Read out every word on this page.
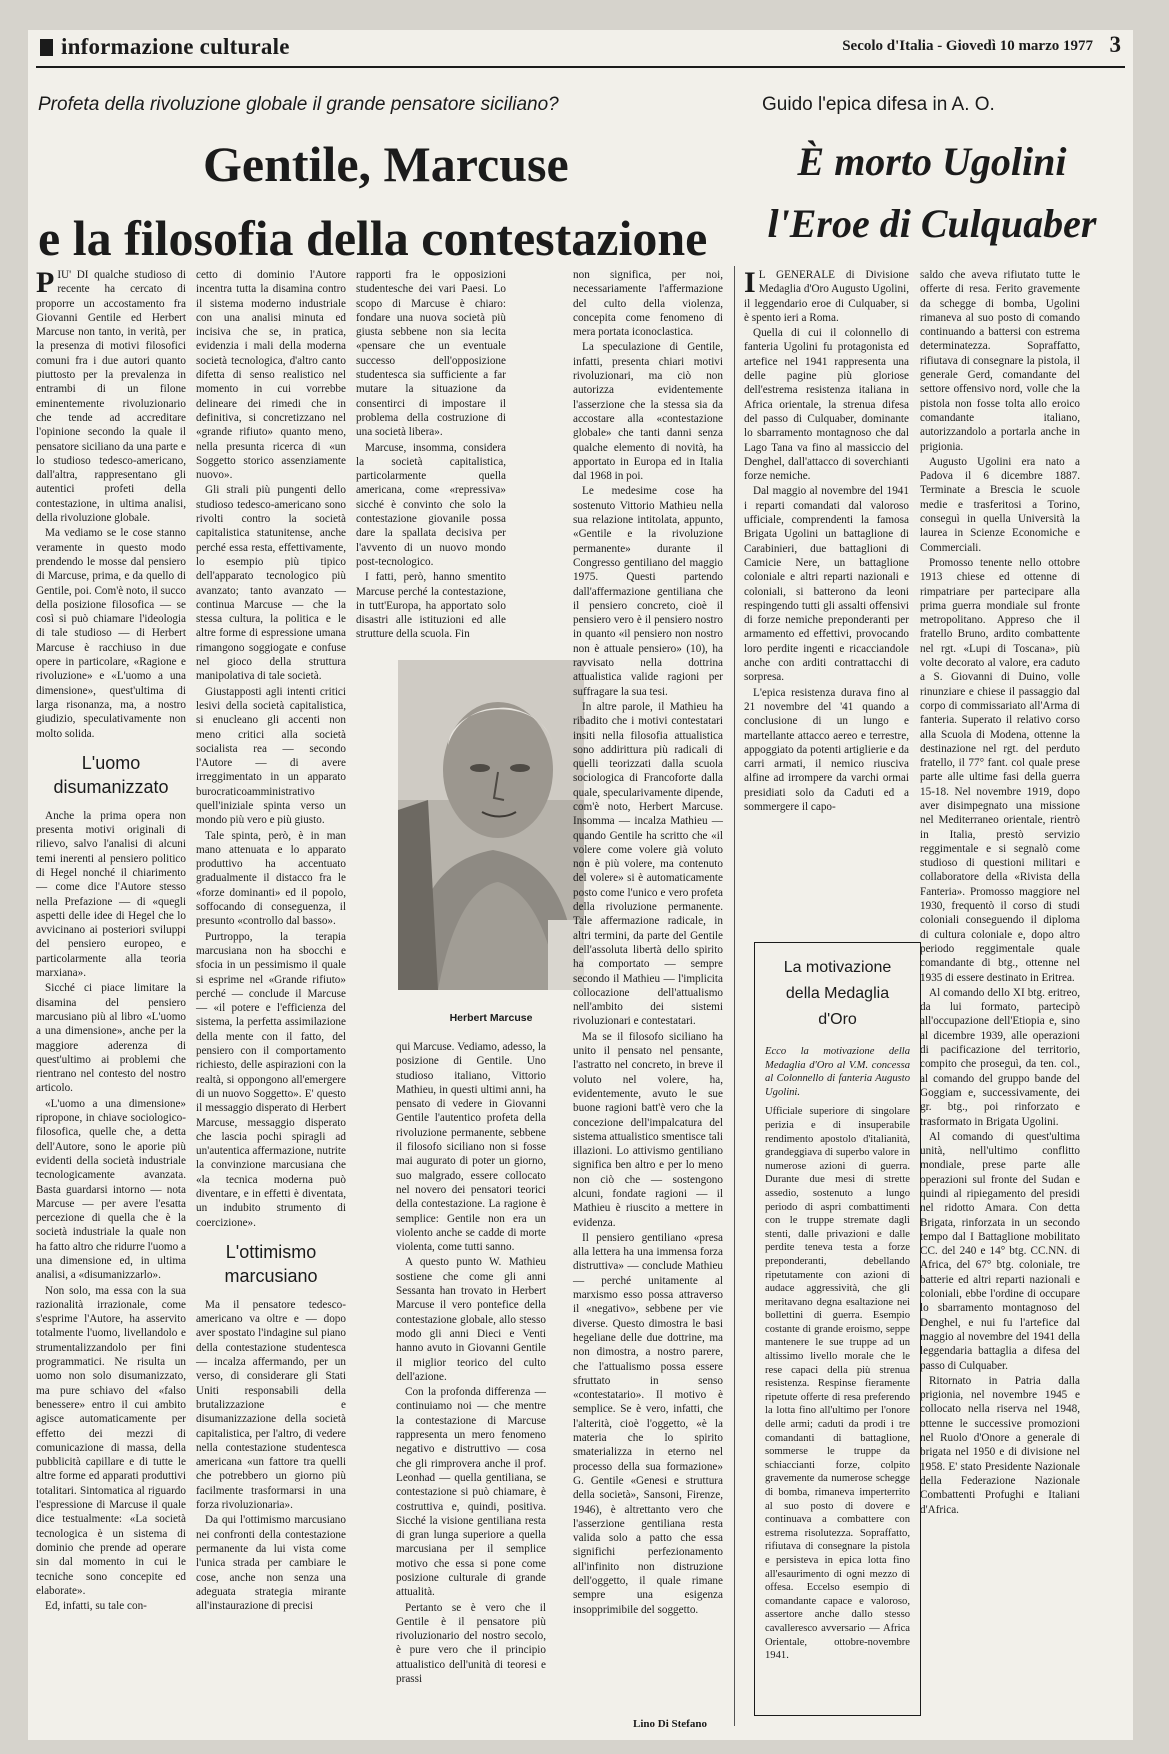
informazione culturale	Secolo d'Italia - Giovedì 10 marzo 1977 3
Profeta della rivoluzione globale il grande pensatore siciliano?
Gentile, Marcuse
e la filosofia della contestazione
Guido l'epica difesa in A. O.
È morto Ugolini
l'Eroe di Culquaber

PIU' DI qualche studioso di recente ha cercato di proporre un accostamento fra Giovanni Gentile ed Herbert Marcuse non tanto, in verità, per la presenza di motivi filosofici comuni fra i due autori quanto piuttosto per la prevalenza in entrambi di un filone eminentemente rivoluzionario che tende ad accreditare l'opinione secondo la quale il pensatore siciliano da una parte e lo studioso tedesco-americano, dall'altra, rappresentano gli autentici profeti della contestazione, in ultima analisi, della rivoluzione globale.

Ma vediamo se le cose stanno veramente in questo modo prendendo le mosse dal pensiero di Marcuse, prima, e da quello di Gentile, poi. Com'è noto, il succo della posizione filosofica — se così si può chiamare l'ideologia di tale studioso — di Herbert Marcuse è racchiuso in due opere in particolare, «Ragione e rivoluzione» e «L'uomo a una dimensione», quest'ultima di larga risonanza, ma, a nostro giudizio, speculativamente non molto solida.

L'uomo disumanizzato

Anche la prima opera non presenta motivi originali di rilievo, salvo l'analisi di alcuni temi inerenti al pensiero politico di Hegel nonché il chiarimento — come dice l'Autore stesso nella Prefazione — di «quegli aspetti delle idee di Hegel che lo avvicinano ai posteriori sviluppi del pensiero europeo, e particolarmente alla teoria marxiana».

Sicché ci piace limitare la disamina del pensiero marcusiano più al libro «L'uomo a una dimensione», anche per la maggiore aderenza di quest'ultimo ai problemi che rientrano nel contesto del nostro articolo.

«L'uomo a una dimensione» ripropone, in chiave sociologico-filosofica, quelle che, a detta dell'Autore, sono le aporie più evidenti della società industriale tecnologicamente avanzata. Basta guardarsi intorno — nota Marcuse — per avere l'esatta percezione di quella che è la società industriale la quale non ha fatto altro che ridurre l'uomo a una dimensione ed, in ultima analisi, a «disumanizzarlo».

Non solo, ma essa con la sua razionalità irrazionale, come s'esprime l'Autore, ha asservito totalmente l'uomo, livellandolo e strumentalizzandolo per fini programmatici. Ne risulta un uomo non solo disumanizzato, ma pure schiavo del «falso benessere» entro il cui ambito agisce automaticamente per effetto dei mezzi di comunicazione di massa, della pubblicità capillare e di tutte le altre forme ed apparati produttivi totalitari. Sintomatica al riguardo l'espressione di Marcuse il quale dice testualmente: «La società tecnologica è un sistema di dominio che prende ad operare sin dal momento in cui le tecniche sono concepite ed elaborate».

Ed, infatti, su tale con-

cetto di dominio l'Autore incentra tutta la disamina contro il sistema moderno industriale con una analisi minuta ed incisiva che se, in pratica, evidenzia i mali della moderna società tecnologica, d'altro canto difetta di senso realistico nel momento in cui vorrebbe delineare dei rimedi che in definitiva, si concretizzano nel «grande rifiuto» quanto meno, nella presunta ricerca di «un Soggetto storico assenziamente nuovo».

Gli strali più pungenti dello studioso tedesco-americano sono rivolti contro la società capitalistica statunitense, anche perché essa resta, effettivamente, lo esempio più tipico dell'apparato tecnologico più avanzato; tanto avanzato — continua Marcuse — che la stessa cultura, la politica e le altre forme di espressione umana rimangono soggiogate e confuse nel gioco della struttura manipolativa di tale società.

Giustapposti agli intenti critici lesivi della società capitalistica, si enucleano gli accenti non meno critici alla società socialista rea — secondo l'Autore — di avere irreggimentato in un apparato burocraticoamministrativo quell'iniziale spinta verso un mondo più vero e più giusto.

Tale spinta, però, è in man mano attenuata e lo apparato produttivo ha accentuato gradualmente il distacco fra le «forze dominanti» ed il popolo, soffocando di conseguenza, il presunto «controllo dal basso».

Purtroppo, la terapia marcusiana non ha sbocchi e sfocia in un pessimismo il quale si esprime nel «Grande rifiuto» perché — conclude il Marcuse — «il potere e l'efficienza del sistema, la perfetta assimilazione della mente con il fatto, del pensiero con il comportamento richiesto, delle aspirazioni con la realtà, si oppongono all'emergere di un nuovo Soggetto». E' questo il messaggio disperato di Herbert Marcuse, messaggio disperato che lascia pochi spiragli ad un'autentica affermazione, nutrite la convinzione marcusiana che «la tecnica moderna può diventare, e in effetti è diventata, un indubito strumento di coercizione».

L'ottimismo marcusiano

Ma il pensatore tedesco-americano va oltre e — dopo aver spostato l'indagine sul piano della contestazione studentesca — incalza affermando, per un verso, di considerare gli Stati Uniti responsabili della brutalizzazione e disumanizzazione della società capitalistica, per l'altro, di vedere nella contestazione studentesca americana «un fattore tra quelli che potrebbero un giorno più facilmente trasformarsi in una forza rivoluzionaria».

Da qui l'ottimismo marcusiano nei confronti della contestazione permanente da lui vista come l'unica strada per cambiare le cose, anche non senza una adeguata strategia mirante all'instaurazione di precisi

rapporti fra le opposizioni studentesche dei vari Paesi. Lo scopo di Marcuse è chiaro: fondare una nuova società più giusta sebbene non sia lecita «pensare che un eventuale successo dell'opposizione studentesca sia sufficiente a far mutare la situazione da consentirci di impostare il problema della costruzione di una società libera».

Marcuse, insomma, considera la società capitalistica, particolarmente quella americana, come «repressiva» sicché è convinto che solo la contestazione giovanile possa dare la spallata decisiva per l'avvento di un nuovo mondo post-tecnologico.

I fatti, però, hanno smentito Marcuse perché la contestazione, in tutt'Europa, ha apportato solo disastri alle istituzioni ed alle strutture della scuola. Fin

Herbert Marcuse

qui Marcuse. Vediamo, adesso, la posizione di Gentile. Uno studioso italiano, Vittorio Mathieu, in questi ultimi anni, ha pensato di vedere in Giovanni Gentile l'autentico profeta della rivoluzione permanente, sebbene il filosofo siciliano non si fosse mai augurato di poter un giorno, suo malgrado, essere collocato nel novero dei pensatori teorici della contestazione. La ragione è semplice: Gentile non era un violento anche se cadde di morte violenta, come tutti sanno.

A questo punto W. Mathieu sostiene che come gli anni Sessanta han trovato in Herbert Marcuse il vero pontefice della contestazione globale, allo stesso modo gli anni Dieci e Venti hanno avuto in Giovanni Gentile il miglior teorico del culto dell'azione.

Con la profonda differenza — continuiamo noi — che mentre la contestazione di Marcuse rappresenta un mero fenomeno negativo e distruttivo — cosa che gli rimprovera anche il prof. Leonhad — quella gentiliana, se contestazione si può chiamare, è costruttiva e, quindi, positiva. Sicché la visione gentiliana resta di gran lunga superiore a quella marcusiana per il semplice motivo che essa si pone come posizione culturale di grande attualità.

Pertanto se è vero che il Gentile è il pensatore più rivoluzionario del nostro secolo, è pure vero che il principio attualistico dell'unità di teoresi e prassi

non significa, per noi, necessariamente l'affermazione del culto della violenza, concepita come fenomeno di mera portata iconoclastica.

La speculazione di Gentile, infatti, presenta chiari motivi rivoluzionari, ma ciò non autorizza evidentemente l'asserzione che la stessa sia da accostare alla «contestazione globale» che tanti danni senza qualche elemento di novità, ha apportato in Europa ed in Italia dal 1968 in poi.

Le medesime cose ha sostenuto Vittorio Mathieu nella sua relazione intitolata, appunto, «Gentile e la rivoluzione permanente» durante il Congresso gentiliano del maggio 1975. Questi partendo dall'affermazione gentiliana che il pensiero concreto, cioè il pensiero vero è il pensiero nostro in quanto «il pensiero non nostro non è attuale pensiero» (10), ha ravvisato nella dottrina attualistica valide ragioni per suffragare la sua tesi.

In altre parole, il Mathieu ha ribadito che i motivi contestatari insiti nella filosofia attualistica sono addirittura più radicali di quelli teorizzati dalla scuola sociologica di Francoforte dalla quale, specularivamente dipende, com'è noto, Herbert Marcuse. Insomma — incalza Mathieu — quando Gentile ha scritto che «il volere come volere già voluto non è più volere, ma contenuto del volere» si è automaticamente posto come l'unico e vero profeta della rivoluzione permanente. Tale affermazione radicale, in altri termini, da parte del Gentile dell'assoluta libertà dello spirito ha comportato — sempre secondo il Mathieu — l'implicita collocazione dell'attualismo nell'ambito dei sistemi rivoluzionari e contestatari.

Ma se il filosofo siciliano ha unito il pensato nel pensante, l'astratto nel concreto, in breve il voluto nel volere, ha, evidentemente, avuto le sue buone ragioni batt'è vero che la concezione dell'impalcatura del sistema attualistico smentisce tali illazioni. Lo attivismo gentiliano significa ben altro e per lo meno non ciò che — sostengono alcuni, fondate ragioni — il Mathieu è riuscito a mettere in evidenza.

Il pensiero gentiliano «presa alla lettera ha una immensa forza distruttiva» — conclude Mathieu — perché unitamente al marxismo esso possa attraverso il «negativo», sebbene per vie diverse. Questo dimostra le basi hegeliane delle due dottrine, ma non dimostra, a nostro parere, che l'attualismo possa essere sfruttato in senso «contestatario». Il motivo è semplice. Se è vero, infatti, che l'alterità, cioè l'oggetto, «è la materia che lo spirito smaterializza in eterno nel processo della sua formazione» G. Gentile «Genesi e struttura della società», Sansoni, Firenze, 1946), è altrettanto vero che l'asserzione gentiliana resta valida solo a patto che essa significhi perfezionamento all'infinito non distruzione dell'oggetto, il quale rimane sempre una esigenza insopprimibile del soggetto.

Lino Di Stefano

I L GENERALE di Divisione Medaglia d'Oro Augusto Ugolini, il leggendario eroe di Culquaber, si è spento ieri a Roma.

Quella di cui il colonnello di fanteria Ugolini fu protagonista ed artefice nel 1941 rappresenta una delle pagine più gloriose dell'estrema resistenza italiana in Africa orientale, la strenua difesa del passo di Culquaber, dominante lo sbarramento montagnoso che dal Lago Tana va fino al massiccio del Denghel, dall'attacco di soverchianti forze nemiche.

Dal maggio al novembre del 1941 i reparti comandati dal valoroso ufficiale, comprendenti la famosa Brigata Ugolini un battaglione di Carabinieri, due battaglioni di Camicie Nere, un battaglione coloniale e altri reparti nazionali e coloniali, si batterono da leoni respingendo tutti gli assalti offensivi di forze nemiche preponderanti per armamento ed effettivi, provocando loro perdite ingenti e ricacciandole anche con arditi contrattacchi di sorpresa.

L'epica resistenza durava fino al 21 novembre del '41 quando a conclusione di un lungo e martellante attacco aereo e terrestre, appoggiato da potenti artiglierie e da carri armati, il nemico riusciva alfine ad irrompere da varchi ormai presidiati solo da Caduti ed a sommergere il capo-

La motivazione della Medaglia d'Oro

Ecco la motivazione della Medaglia d'Oro al V.M. concessa al Colonnello di fanteria Augusto Ugolini.

Ufficiale superiore di singolare perizia e di insuperabile rendimento apostolo d'italianità, grandeggiava di superbo valore in numerose azioni di guerra. Durante due mesi di strette assedio, sostenuto a lungo periodo di aspri combattimenti con le truppe stremate dagli stenti, dalle privazioni e dalle perdite teneva testa a forze preponderanti, debellando ripetutamente con azioni di audace aggressività, che gli meritavano degna esaltazione nei bollettini di guerra. Esempio costante di grande eroismo, seppe mantenere le sue truppe ad un altissimo livello morale che le rese capaci della più strenua resistenza. Respinse fieramente ripetute offerte di resa preferendo la lotta fino all'ultimo per l'onore delle armi; caduti da prodi i tre comandanti di battaglione, sommerse le truppe da schiaccianti forze, colpito gravemente da numerose schegge di bomba, rimaneva imperterrito al suo posto di dovere e continuava a combattere con estrema risolutezza. Sopraffatto, rifiutava di consegnare la pistola e persisteva in epica lotta fino all'esaurimento di ogni mezzo di offesa. Eccelso esempio di comandante capace e valoroso, assertore anche dallo stesso cavalleresco avversario — Africa Orientale, ottobre-novembre 1941.

saldo che aveva rifiutato tutte le offerte di resa. Ferito gravemente da schegge di bomba, Ugolini rimaneva al suo posto di comando continuando a battersi con estrema determinatezza. Sopraffatto, rifiutava di consegnare la pistola, il generale Gerd, comandante del settore offensivo nord, volle che la pistola non fosse tolta allo eroico comandante italiano, autorizzandolo a portarla anche in prigionia.

Augusto Ugolini era nato a Padova il 6 dicembre 1887. Terminate a Brescia le scuole medie e trasferitosi a Torino, conseguì in quella Università la laurea in Scienze Economiche e Commerciali.

Promosso tenente nello ottobre 1913 chiese ed ottenne di rimpatriare per partecipare alla prima guerra mondiale sul fronte metropolitano. Appreso che il fratello Bruno, ardito combattente nel rgt. «Lupi di Toscana», più volte decorato al valore, era caduto a S. Giovanni di Duino, volle rinunziare e chiese il passaggio dal corpo di commissariato all'Arma di fanteria. Superato il relativo corso alla Scuola di Modena, ottenne la destinazione nel rgt. del perduto fratello, il 77° fant. col quale prese parte alle ultime fasi della guerra 15-18. Nel novembre 1919, dopo aver disimpegnato una missione nel Mediterraneo orientale, rientrò in Italia, prestò servizio reggimentale e si segnalò come studioso di questioni militari e collaboratore della «Rivista della Fanteria». Promosso maggiore nel 1930, frequentò il corso di studi coloniali conseguendo il diploma di cultura coloniale e, dopo altro periodo reggimentale quale comandante di btg., ottenne nel 1935 di essere destinato in Eritrea.

Al comando dello XI btg. eritreo, da lui formato, partecipò all'occupazione dell'Etiopia e, sino al dicembre 1939, alle operazioni di pacificazione del territorio, compito che proseguì, da ten. col., al comando del gruppo bande del Goggiam e, successivamente, dei gr. btg., poi rinforzato e trasformato in Brigata Ugolini.

Al comando di quest'ultima unità, nell'ultimo conflitto mondiale, prese parte alle operazioni sul fronte del Sudan e quindi al ripiegamento del presidi nel ridotto Amara. Con detta Brigata, rinforzata in un secondo tempo dal I Battaglione mobilitato CC. del 240 e 14° btg. CC.NN. di Africa, del 67° btg. coloniale, tre batterie ed altri reparti nazionali e coloniali, ebbe l'ordine di occupare lo sbarramento montagnoso del Denghel, e nui fu l'artefice dal maggio al novembre del 1941 della leggendaria battaglia a difesa del passo di Culquaber.

Ritornato in Patria dalla prigionia, nel novembre 1945 e collocato nella riserva nel 1948, ottenne le successive promozioni nel Ruolo d'Onore a generale di brigata nel 1950 e di divisione nel 1958. E' stato Presidente Nazionale della Federazione Nazionale Combattenti Profughi e Italiani d'Africa.
